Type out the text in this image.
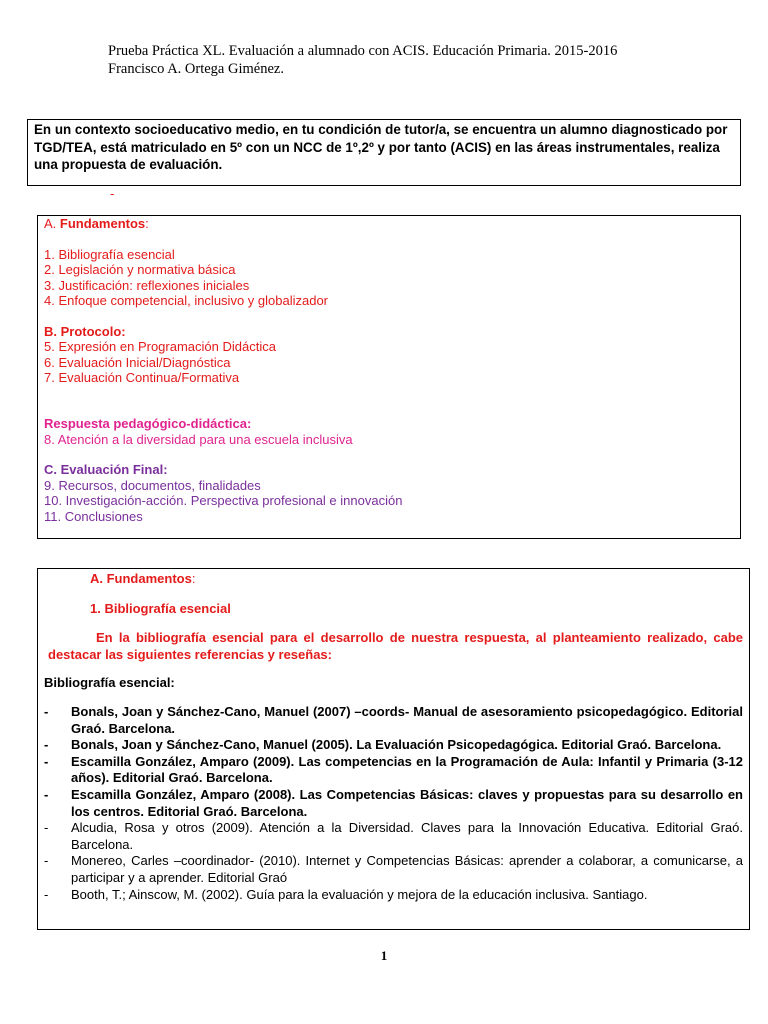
Prueba Práctica XL. Evaluación a alumnado con ACIS. Educación Primaria. 2015-2016
Francisco A. Ortega Giménez.
En un contexto socioeducativo medio, en tu condición de tutor/a, se encuentra un alumno diagnosticado por TGD/TEA, está matriculado en 5º con un NCC de 1º,2º y por tanto (ACIS) en las áreas instrumentales, realiza una propuesta de evaluación.
-
A. Fundamentos:
1. Bibliografía esencial
2. Legislación y normativa básica
3. Justificación: reflexiones iniciales
4. Enfoque competencial, inclusivo y globalizador
B. Protocolo:
5. Expresión en Programación Didáctica
6. Evaluación Inicial/Diagnóstica
7. Evaluación Continua/Formativa
Respuesta pedagógico-didáctica:
8. Atención a la diversidad para una escuela inclusiva
C. Evaluación Final:
9. Recursos, documentos, finalidades
10. Investigación-acción. Perspectiva profesional e innovación
11. Conclusiones
A. Fundamentos:
1. Bibliografía esencial
En la bibliografía esencial para el desarrollo de nuestra respuesta, al planteamiento realizado, cabe destacar las siguientes referencias y reseñas:
Bibliografía esencial:
-	Bonals, Joan y Sánchez-Cano, Manuel (2007) –coords- Manual de asesoramiento psicopedagógico. Editorial Graó. Barcelona.
-	Bonals, Joan y Sánchez-Cano, Manuel (2005). La Evaluación Psicopedagógica. Editorial Graó. Barcelona.
-	Escamilla González, Amparo (2009). Las competencias en la Programación de Aula: Infantil y Primaria (3-12 años). Editorial Graó. Barcelona.
-	Escamilla González, Amparo (2008). Las Competencias Básicas: claves y propuestas para su desarrollo en los centros. Editorial Graó. Barcelona.
-	Alcudia, Rosa y otros (2009). Atención a la Diversidad. Claves para la Innovación Educativa. Editorial Graó. Barcelona.
-	Monereo, Carles –coordinador- (2010). Internet y Competencias Básicas: aprender a colaborar, a comunicarse, a participar y a aprender. Editorial Graó
-	Booth, T.; Ainscow, M. (2002). Guía para la evaluación y mejora de la educación inclusiva. Santiago.
1
